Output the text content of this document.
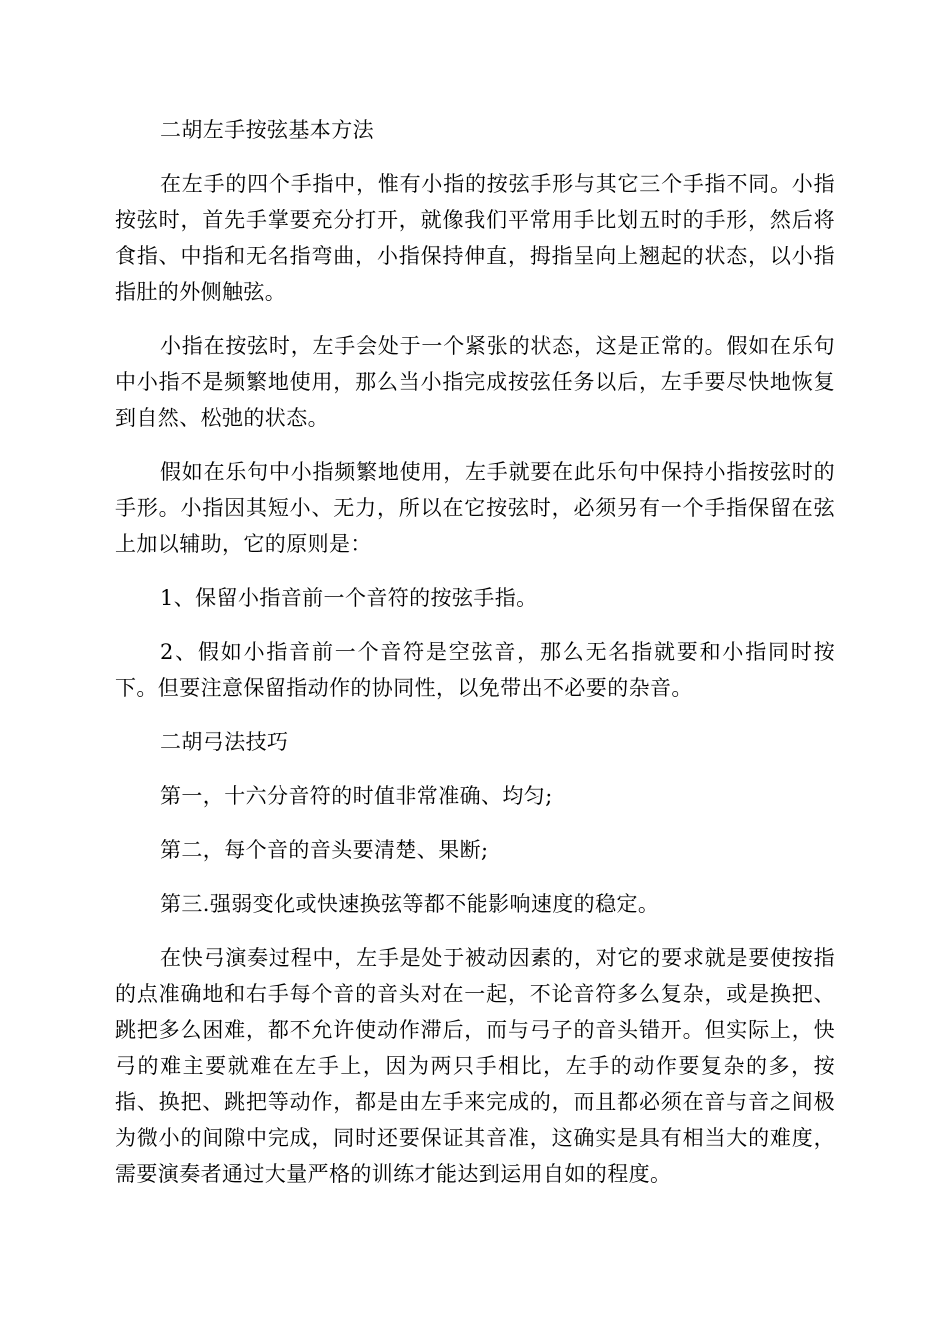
二胡左手按弦基本方法

在左手的四个手指中，惟有小指的按弦手形与其它三个手指不同。小指按弦时，首先手掌要充分打开，就像我们平常用手比划五时的手形，然后将食指、中指和无名指弯曲，小指保持伸直，拇指呈向上翘起的状态，以小指指肚的外侧触弦。

小指在按弦时，左手会处于一个紧张的状态，这是正常的。假如在乐句中小指不是频繁地使用，那么当小指完成按弦任务以后，左手要尽快地恢复到自然、松弛的状态。

假如在乐句中小指频繁地使用，左手就要在此乐句中保持小指按弦时的手形。小指因其短小、无力，所以在它按弦时，必须另有一个手指保留在弦上加以辅助，它的原则是：

1、保留小指音前一个音符的按弦手指。

2、假如小指音前一个音符是空弦音，那么无名指就要和小指同时按下。但要注意保留指动作的协同性，以免带出不必要的杂音。

二胡弓法技巧

第一，十六分音符的时值非常准确、均匀;

第二，每个音的音头要清楚、果断;

第三.强弱变化或快速换弦等都不能影响速度的稳定。

在快弓演奏过程中，左手是处于被动因素的，对它的要求就是要使按指的点准确地和右手每个音的音头对在一起，不论音符多么复杂，或是换把、跳把多么困难，都不允许使动作滞后，而与弓子的音头错开。但实际上，快弓的难主要就难在左手上，因为两只手相比，左手的动作要复杂的多，按指、换把、跳把等动作，都是由左手来完成的，而且都必须在音与音之间极为微小的间隙中完成，同时还要保证其音准，这确实是具有相当大的难度，需要演奏者通过大量严格的训练才能达到运用自如的程度。
